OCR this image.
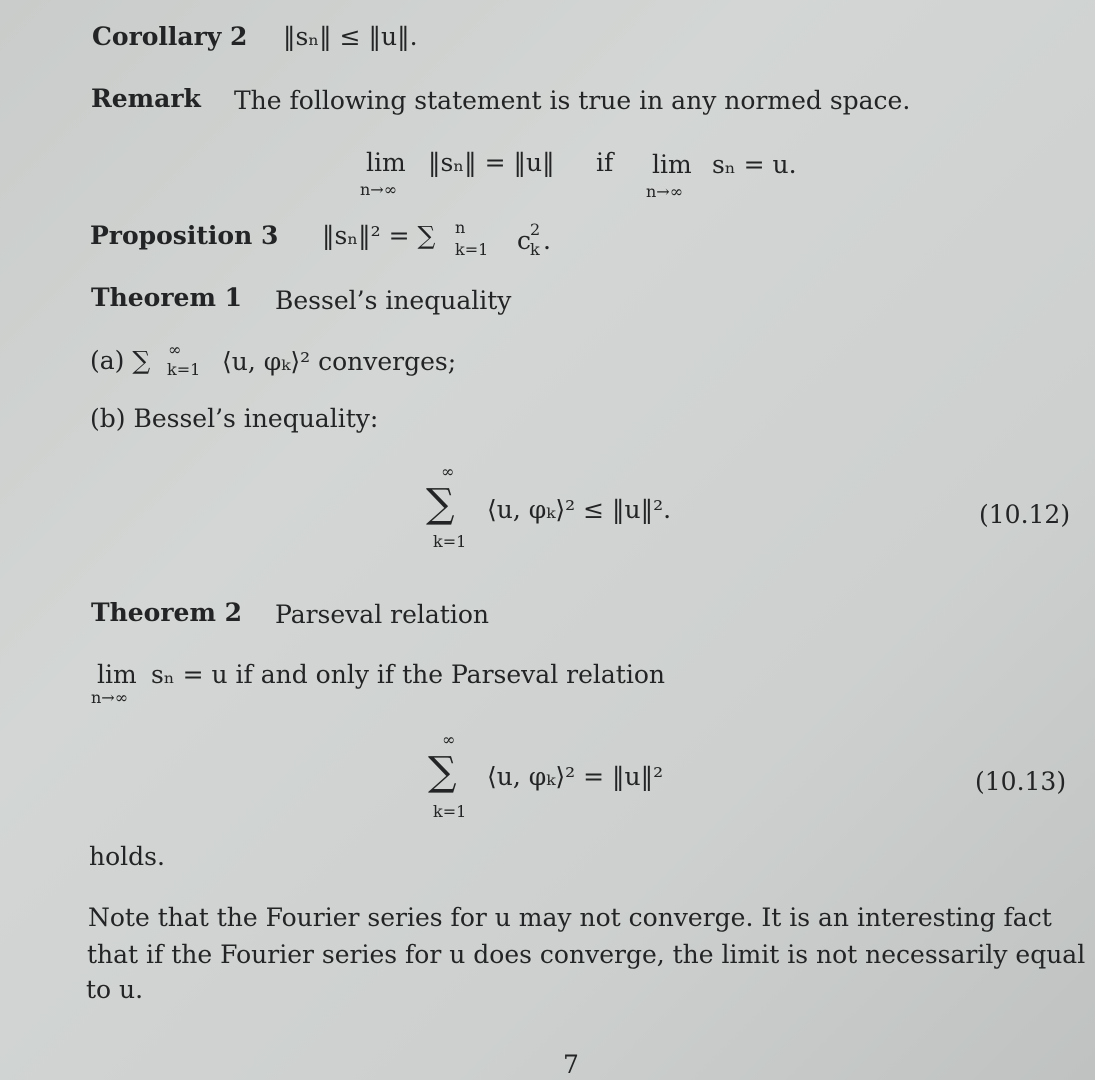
Corollary 2 ‖sₙ‖ ≤ ‖u‖.
Remark The following statement is true in any normed space.
lim
n→∞
‖sₙ‖ = ‖u‖ if lim
n→∞
sₙ = u.
Proposition 3 ‖sₙ‖² = ∑ n
k=1 c
2
k .
Theorem 1 Bessel’s inequality
(a) ∑ ∞
k=1 ⟨u, φₖ⟩² converges;
(b) Bessel’s inequality:
∞
∑
k=1
⟨u, φₖ⟩² ≤ ‖u‖².	(10.12)
Theorem 2 Parseval relation
lim
n→∞
sₙ = u if and only if the Parseval relation
∞
∑
k=1
⟨u, φₖ⟩² = ‖u‖²	(10.13)
holds.
Note that the Fourier series for u may not converge. It is an interesting fact
that if the Fourier series for u does converge, the limit is not necessarily equal
to u.
7
